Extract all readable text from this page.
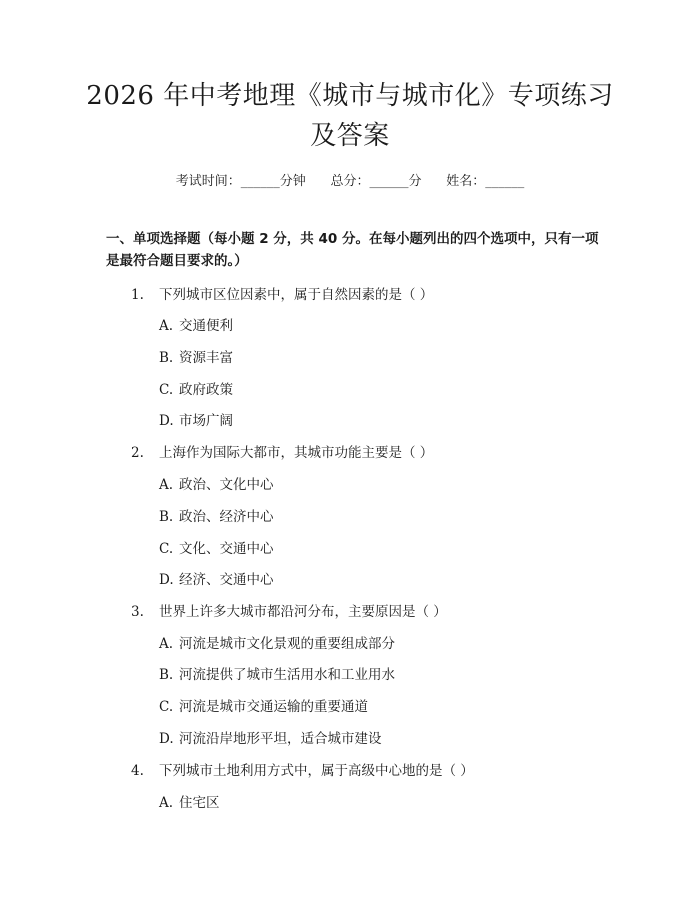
2026 年中考地理《城市与城市化》专项练习
及答案
考试时间：______分钟      总分：______分      姓名：______
一、单项选择题（每小题 2 分，共 40 分。在每小题列出的四个选项中，只有一项
是最符合题目要求的。）
1. 下列城市区位因素中，属于自然因素的是（ ）
A. 交通便利
B. 资源丰富
C. 政府政策
D. 市场广阔
2. 上海作为国际大都市，其城市功能主要是（ ）
A. 政治、文化中心
B. 政治、经济中心
C. 文化、交通中心
D. 经济、交通中心
3. 世界上许多大城市都沿河分布，主要原因是（ ）
A. 河流是城市文化景观的重要组成部分
B. 河流提供了城市生活用水和工业用水
C. 河流是城市交通运输的重要通道
D. 河流沿岸地形平坦，适合城市建设
4. 下列城市土地利用方式中，属于高级中心地的是（ ）
A. 住宅区
